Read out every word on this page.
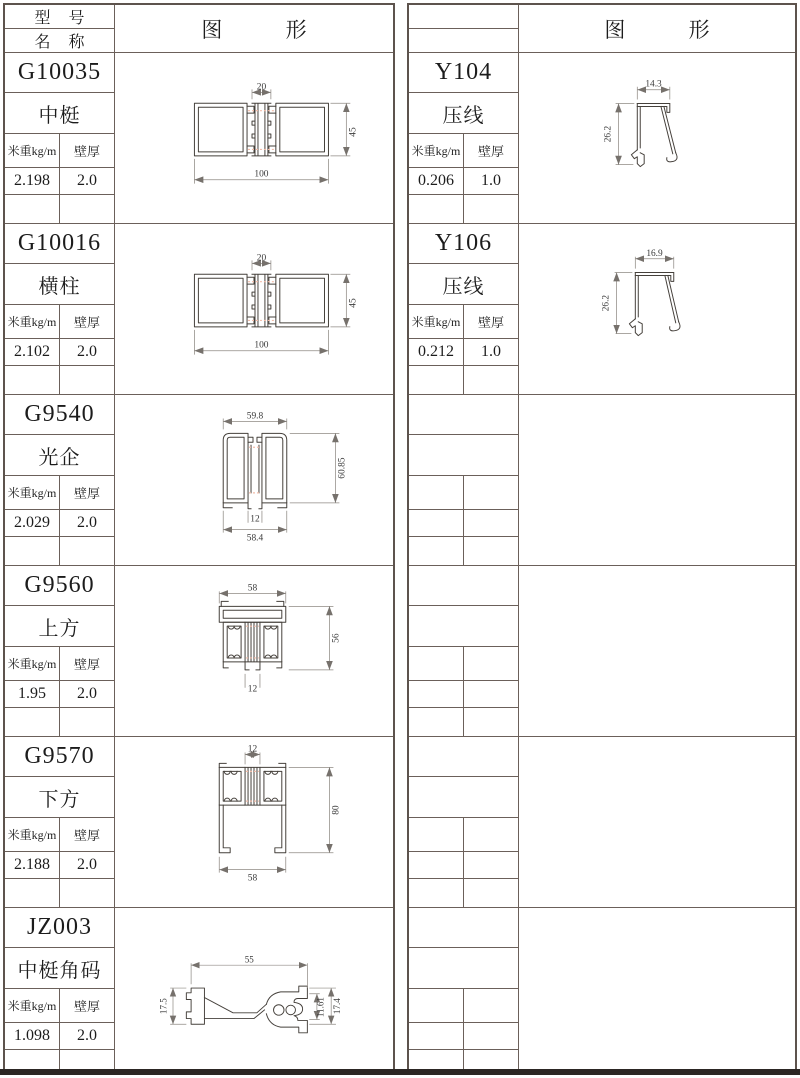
型 号
名 称
图 形
G10035
中梃
米重kg/m	壁厚
2.198	2.0
20
45
100
G10016
横柱
米重kg/m	壁厚
2.102	2.0
20
45
100
G9540
光企
米重kg/m	壁厚
2.029	2.0
59.8
60.85
12
58.4
G9560
上方
米重kg/m	壁厚
1.95	2.0
58
56
12
G9570
下方
米重kg/m	壁厚
2.188	2.0
12
80
58
JZ003
中梃角码
米重kg/m	壁厚
1.098	2.0
55
17.5	11.61 17.4
图 形
Y104
压线
米重kg/m	壁厚
0.206	1.0
14.3
26.2
Y106
压线
米重kg/m	壁厚
0.212	1.0
16.9
26.2
